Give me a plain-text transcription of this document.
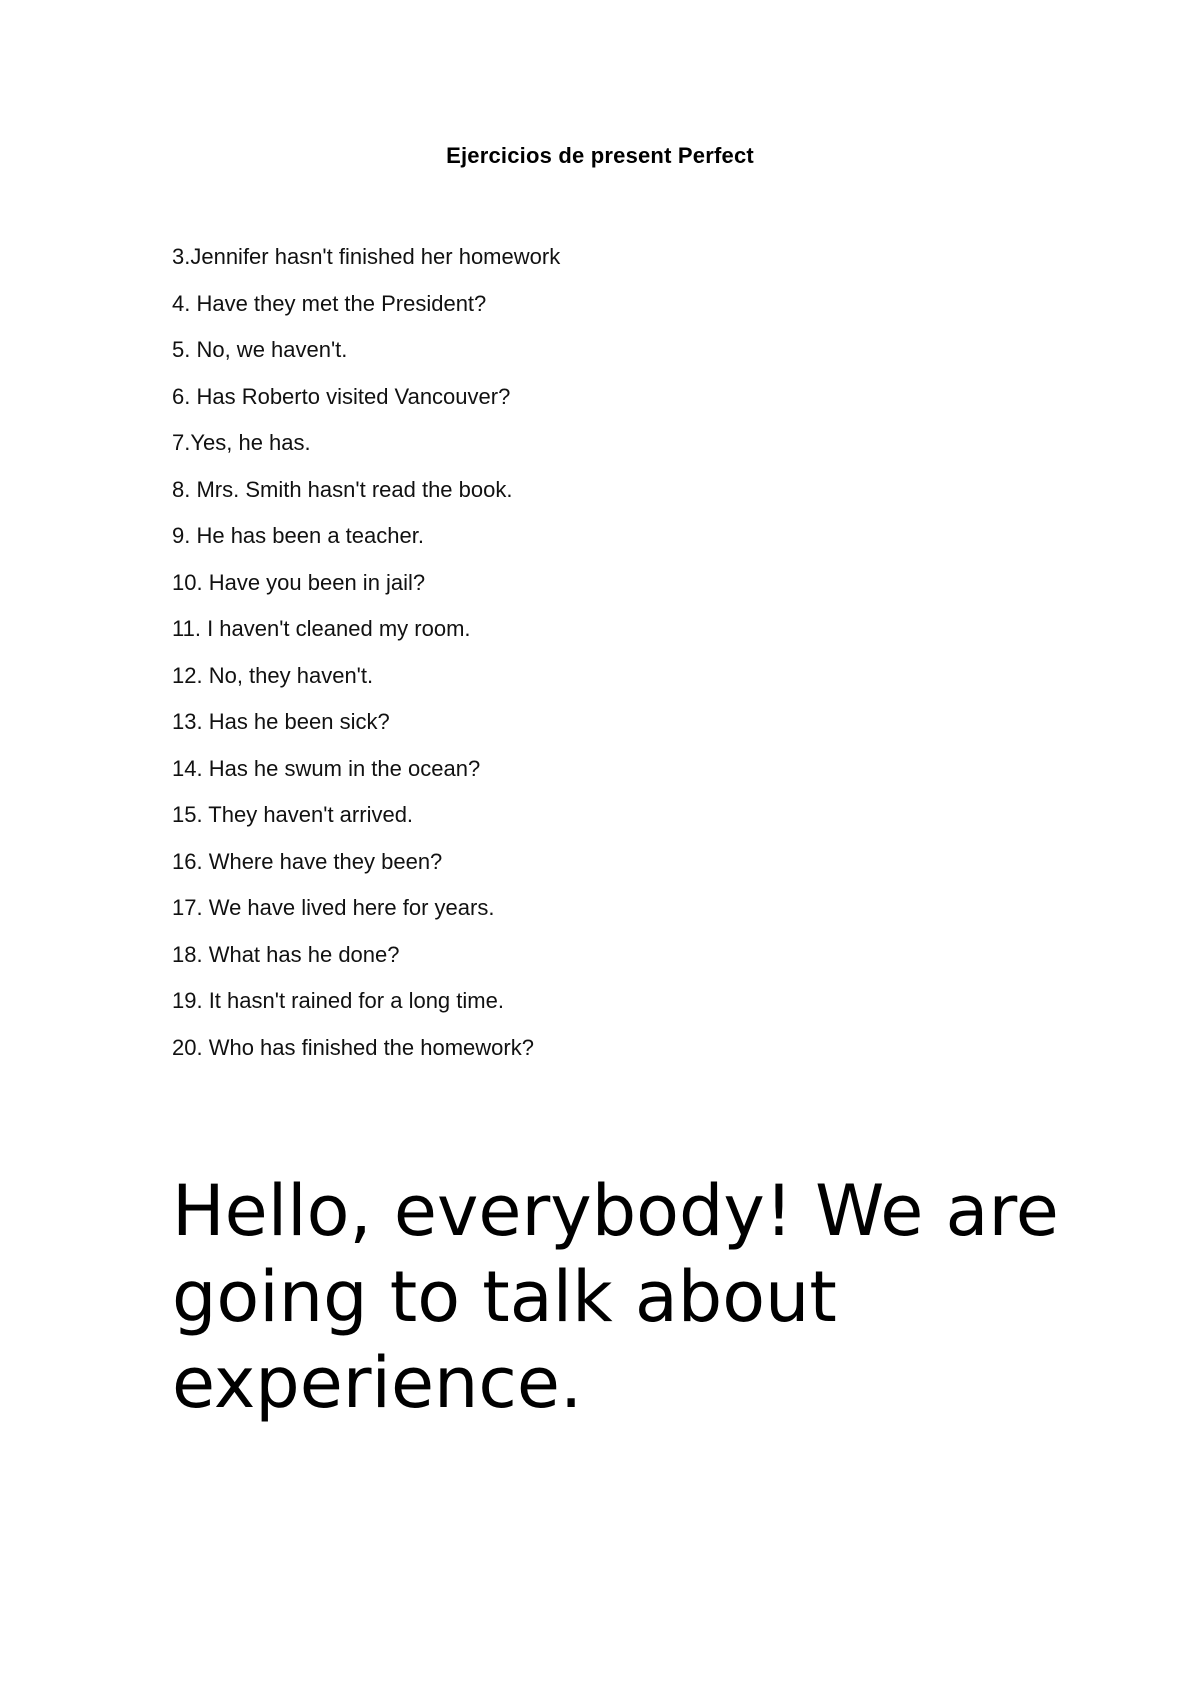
Ejercicios de present Perfect
3.Jennifer hasn't finished her homework
4. Have they met the President?
5. No, we haven't.
6. Has Roberto visited Vancouver?
7.Yes, he has.
8. Mrs. Smith hasn't read the book.
9. He has been a teacher.
10. Have you been in jail?
11. I haven't cleaned my room.
12. No, they haven't.
13. Has he been sick?
14. Has he swum in the ocean?
15. They haven't arrived.
16. Where have they been?
17. We have lived here for years.
18. What has he done?
19. It hasn't rained for a long time.
20. Who has finished the homework?

Hello, everybody! We are going to talk about experience.
